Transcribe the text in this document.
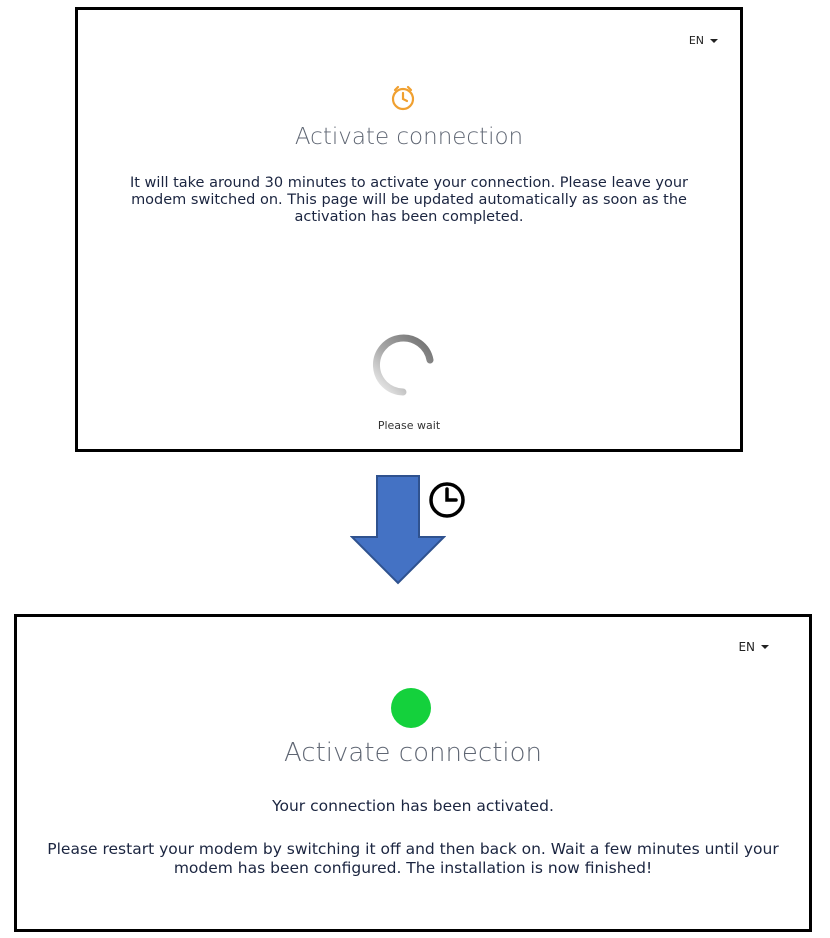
EN
Activate connection
It will take around 30 minutes to activate your connection. Please leave your modem switched on. This page will be updated automatically as soon as the activation has been completed.
Please wait
EN
Activate connection
Your connection has been activated.
Please restart your modem by switching it off and then back on. Wait a few minutes until your modem has been configured. The installation is now finished!
